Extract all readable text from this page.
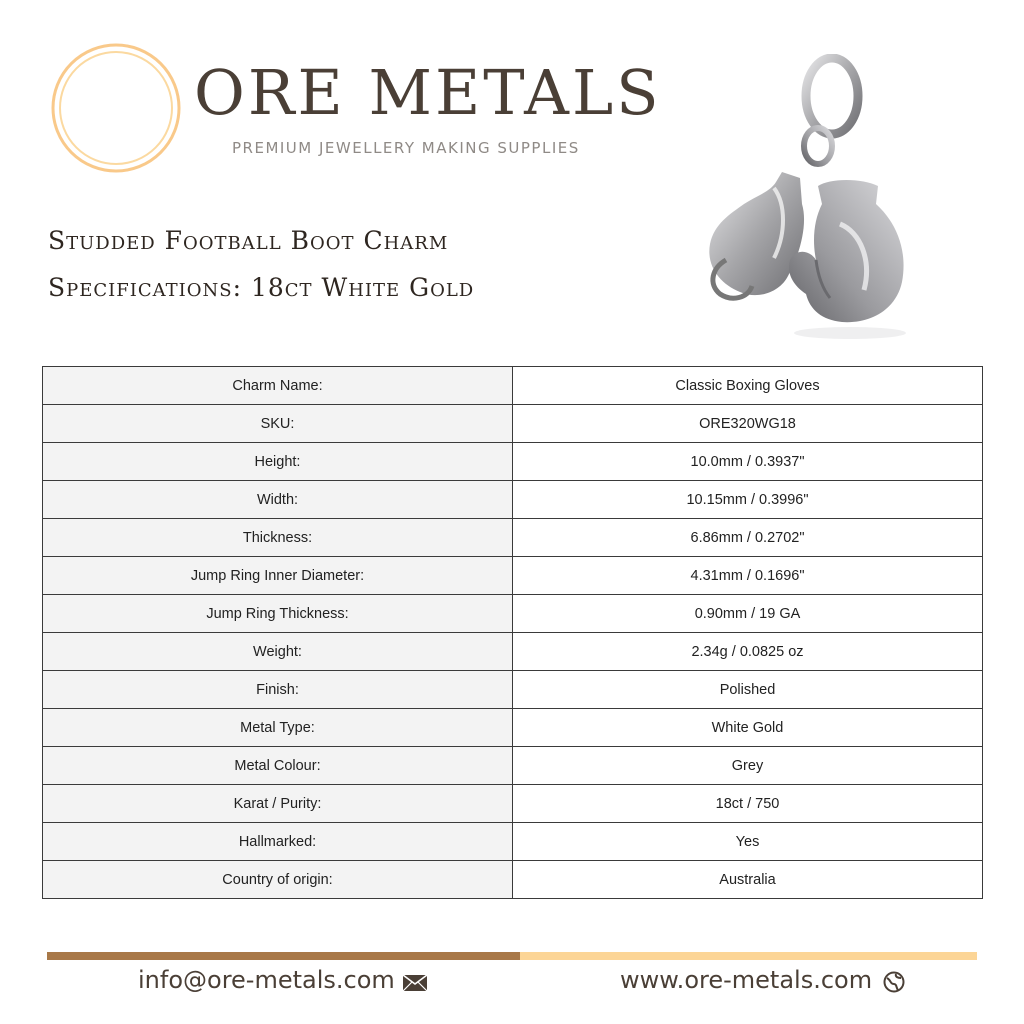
ORE METALS
PREMIUM JEWELLERY MAKING SUPPLIES
Studded Football Boot Charm
Specifications: 18ct White Gold
Charm Name:	Classic Boxing Gloves
SKU:	ORE320WG18
Height:	10.0mm / 0.3937"
Width:	10.15mm / 0.3996"
Thickness:	6.86mm / 0.2702"
Jump Ring Inner Diameter:	4.31mm / 0.1696"
Jump Ring Thickness:	0.90mm / 19 GA
Weight:	2.34g / 0.0825 oz
Finish:	Polished
Metal Type:	White Gold
Metal Colour:	Grey
Karat / Purity:	18ct / 750
Hallmarked:	Yes
Country of origin:	Australia
info@ore-metals.com	www.ore-metals.com
